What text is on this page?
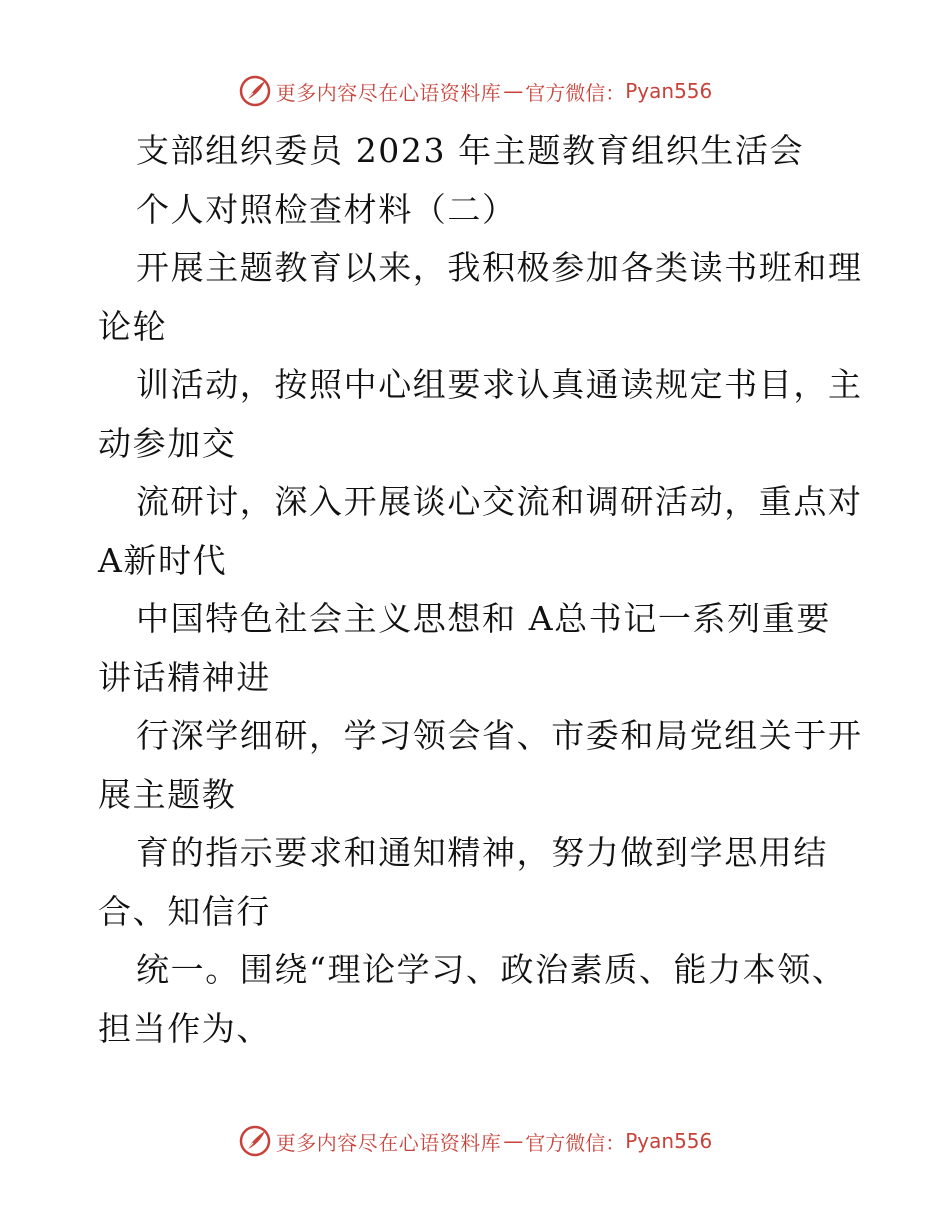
更多内容尽在心语资料库 — 官方微信： Pyan556
支部组织委员 2023 年主题教育组织生活会
个人对照检查材料（二）
开展主题教育以来，我积极参加各类读书班和理
论轮
训活动，按照中心组要求认真通读规定书目，主
动参加交
流研讨，深入开展谈心交流和调研活动，重点对
A新时代
中国特色社会主义思想和 A总书记一系列重要
讲话精神进
行深学细研，学习领会省、市委和局党组关于开
展主题教
育的指示要求和通知精神，努力做到学思用结
合、知信行
统一。围绕“理论学习、政治素质、能力本领、
担当作为、
更多内容尽在心语资料库 — 官方微信： Pyan556
